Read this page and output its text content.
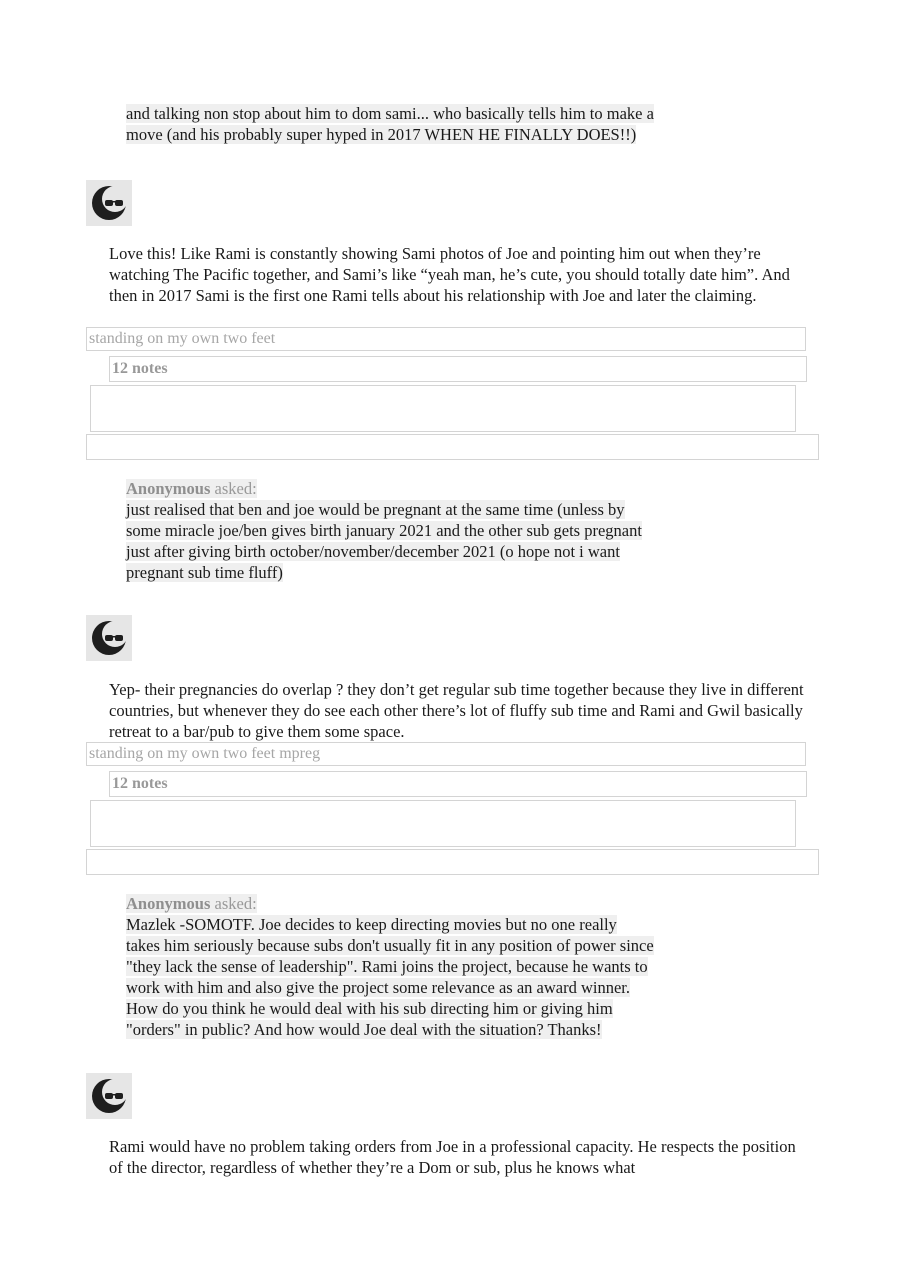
and talking non stop about him to dom sami... who basically tells him to make a
move (and his probably super hyped in 2017 WHEN HE FINALLY DOES!!)
Love this! Like Rami is constantly showing Sami photos of Joe and pointing him out when they’re watching The Pacific together, and Sami’s like “yeah man, he’s cute, you should totally date him”. And then in 2017 Sami is the first one Rami tells about his relationship with Joe and later the claiming.
standing on my own two feet
12 notes
Anonymous asked:
just realised that ben and joe would be pregnant at the same time (unless by
some miracle joe/ben gives birth january 2021 and the other sub gets pregnant
just after giving birth october/november/december 2021 (o hope not i want
pregnant sub time fluff)
Yep- their pregnancies do overlap ? they don’t get regular sub time together because they live in different countries, but whenever they do see each other there’s lot of fluffy sub time and Rami and Gwil basically retreat to a bar/pub to give them some space.
standing on my own two feet mpreg
12 notes
Anonymous asked:
Mazlek -SOMOTF. Joe decides to keep directing movies but no one really
takes him seriously because subs don't usually fit in any position of power since
"they lack the sense of leadership". Rami joins the project, because he wants to
work with him and also give the project some relevance as an award winner.
How do you think he would deal with his sub directing him or giving him
"orders" in public? And how would Joe deal with the situation? Thanks!
Rami would have no problem taking orders from Joe in a professional capacity. He respects the position of the director, regardless of whether they’re a Dom or sub, plus he knows what
